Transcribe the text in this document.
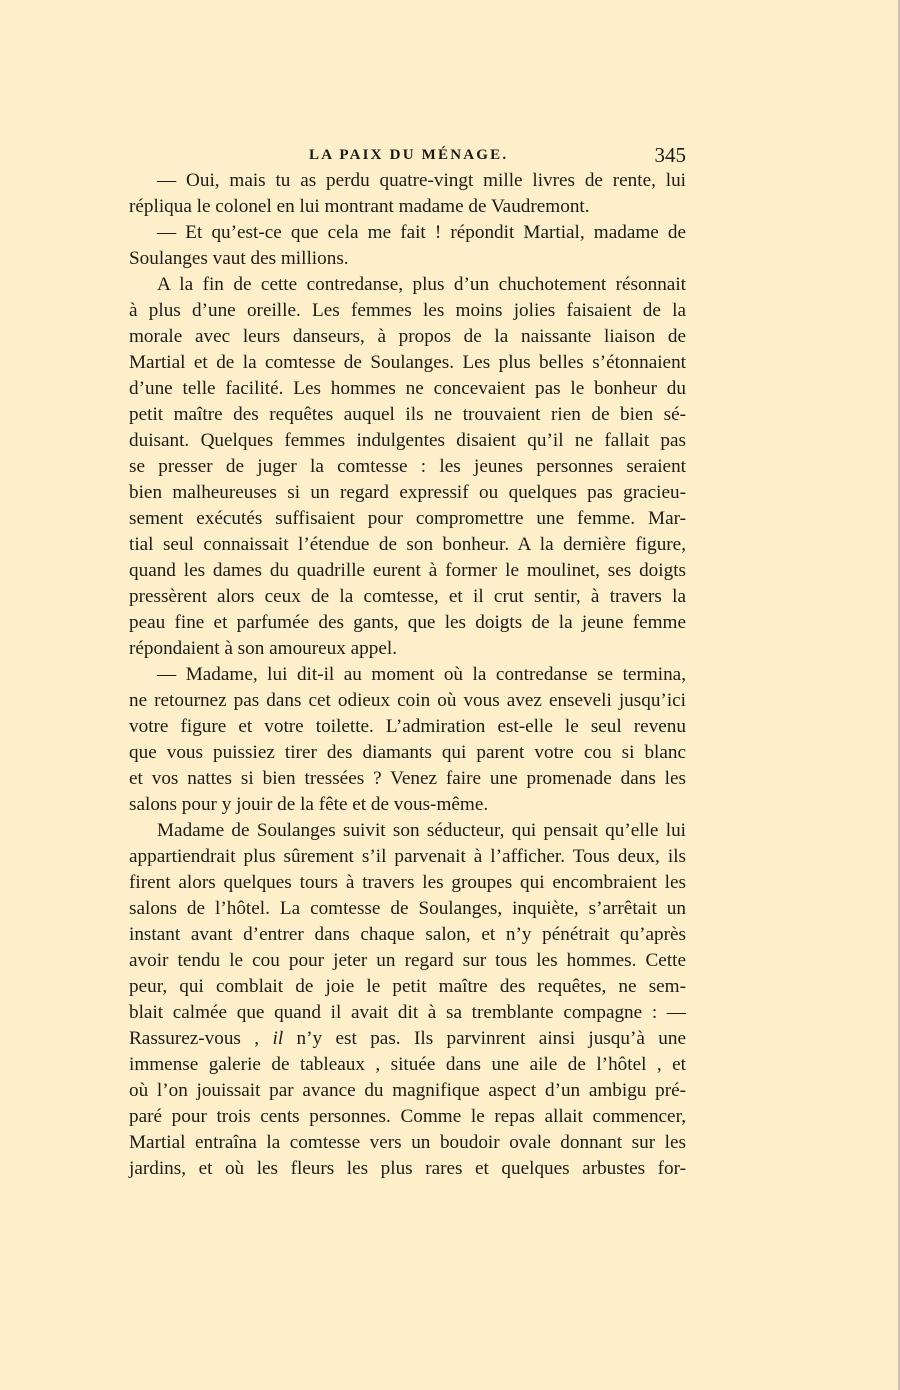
LA PAIX DU MÉNAGE.	345
— Oui, mais tu as perdu quatre-vingt mille livres de rente, lui
répliqua le colonel en lui montrant madame de Vaudremont.
— Et qu’est-ce que cela me fait ! répondit Martial, madame de
Soulanges vaut des millions.
A la fin de cette contredanse, plus d’un chuchotement résonnait
à plus d’une oreille. Les femmes les moins jolies faisaient de la
morale avec leurs danseurs, à propos de la naissante liaison de
Martial et de la comtesse de Soulanges. Les plus belles s’étonnaient
d’une telle facilité. Les hommes ne concevaient pas le bonheur du
petit maître des requêtes auquel ils ne trouvaient rien de bien sé-
duisant. Quelques femmes indulgentes disaient qu’il ne fallait pas
se presser de juger la comtesse : les jeunes personnes seraient
bien malheureuses si un regard expressif ou quelques pas gracieu-
sement exécutés suffisaient pour compromettre une femme. Mar-
tial seul connaissait l’étendue de son bonheur. A la dernière figure,
quand les dames du quadrille eurent à former le moulinet, ses doigts
pressèrent alors ceux de la comtesse, et il crut sentir, à travers la
peau fine et parfumée des gants, que les doigts de la jeune femme
répondaient à son amoureux appel.
— Madame, lui dit-il au moment où la contredanse se termina,
ne retournez pas dans cet odieux coin où vous avez enseveli jusqu’ici
votre figure et votre toilette. L’admiration est-elle le seul revenu
que vous puissiez tirer des diamants qui parent votre cou si blanc
et vos nattes si bien tressées ? Venez faire une promenade dans les
salons pour y jouir de la fête et de vous-même.
Madame de Soulanges suivit son séducteur, qui pensait qu’elle lui
appartiendrait plus sûrement s’il parvenait à l’afficher. Tous deux, ils
firent alors quelques tours à travers les groupes qui encombraient les
salons de l’hôtel. La comtesse de Soulanges, inquiète, s’arrêtait un
instant avant d’entrer dans chaque salon, et n’y pénétrait qu’après
avoir tendu le cou pour jeter un regard sur tous les hommes. Cette
peur, qui comblait de joie le petit maître des requêtes, ne sem-
blait calmée que quand il avait dit à sa tremblante compagne : —
Rassurez-vous , il n’y est pas. Ils parvinrent ainsi jusqu’à une
immense galerie de tableaux , située dans une aile de l’hôtel , et
où l’on jouissait par avance du magnifique aspect d’un ambigu pré-
paré pour trois cents personnes. Comme le repas allait commencer,
Martial entraîna la comtesse vers un boudoir ovale donnant sur les
jardins, et où les fleurs les plus rares et quelques arbustes for-
